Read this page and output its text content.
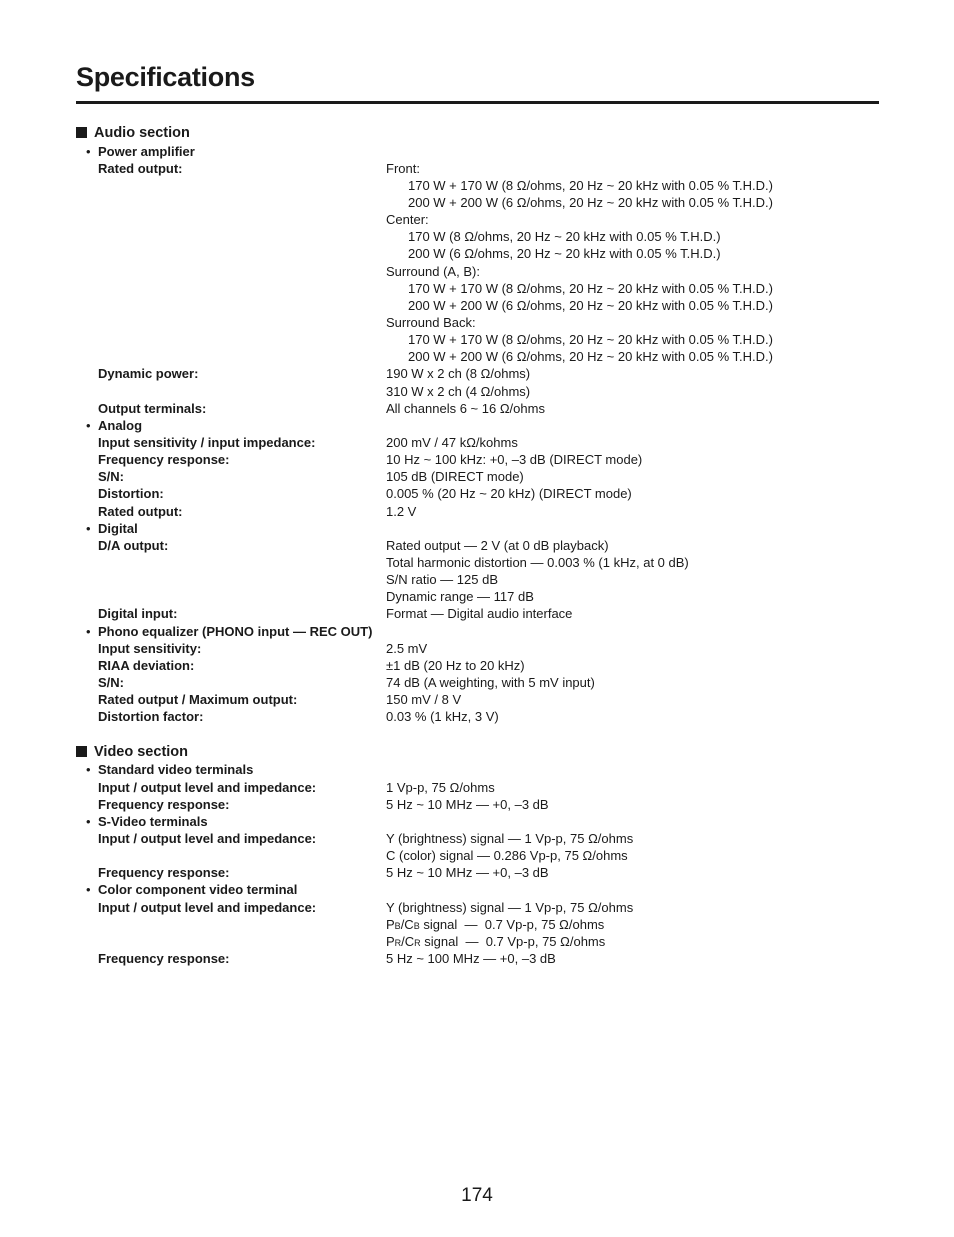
Specifications
Audio section
• Power amplifier
Rated output:	Front:
170 W + 170 W (8 Ω/ohms, 20 Hz ~ 20 kHz with 0.05 % T.H.D.)
200 W + 200 W (6 Ω/ohms, 20 Hz ~ 20 kHz with 0.05 % T.H.D.)
Center:
170 W (8 Ω/ohms, 20 Hz ~ 20 kHz with 0.05 % T.H.D.)
200 W (6 Ω/ohms, 20 Hz ~ 20 kHz with 0.05 % T.H.D.)
Surround (A, B):
170 W + 170 W (8 Ω/ohms, 20 Hz ~ 20 kHz with 0.05 % T.H.D.)
200 W + 200 W (6 Ω/ohms, 20 Hz ~ 20 kHz with 0.05 % T.H.D.)
Surround Back:
170 W + 170 W (8 Ω/ohms, 20 Hz ~ 20 kHz with 0.05 % T.H.D.)
200 W + 200 W (6 Ω/ohms, 20 Hz ~ 20 kHz with 0.05 % T.H.D.)
Dynamic power:	190 W x 2 ch (8 Ω/ohms)
310 W x 2 ch (4 Ω/ohms)
Output terminals:	All channels 6 ~ 16 Ω/ohms
• Analog
Input sensitivity / input impedance:	200 mV / 47 kΩ/kohms
Frequency response:	10 Hz ~ 100 kHz: +0, –3 dB (DIRECT mode)
S/N:	105 dB (DIRECT mode)
Distortion:	0.005 % (20 Hz ~ 20 kHz) (DIRECT mode)
Rated output:	1.2 V
• Digital
D/A output:	Rated output — 2 V (at 0 dB playback)
Total harmonic distortion — 0.003 % (1 kHz, at 0 dB)
S/N ratio — 125 dB
Dynamic range — 117 dB
Digital input:	Format — Digital audio interface
• Phono equalizer (PHONO input — REC OUT)
Input sensitivity:	2.5 mV
RIAA deviation:	±1 dB (20 Hz to 20 kHz)
S/N:	74 dB (A weighting, with 5 mV input)
Rated output / Maximum output:	150 mV / 8 V
Distortion factor:	0.03 % (1 kHz, 3 V)
Video section
• Standard video terminals
Input / output level and impedance:	1 Vp-p, 75 Ω/ohms
Frequency response:	5 Hz ~ 10 MHz — +0, –3 dB
• S-Video terminals
Input / output level and impedance:	Y (brightness) signal — 1 Vp-p, 75 Ω/ohms
C (color) signal — 0.286 Vp-p, 75 Ω/ohms
Frequency response:	5 Hz ~ 10 MHz — +0, –3 dB
• Color component video terminal
Input / output level and impedance:	Y (brightness) signal — 1 Vp-p, 75 Ω/ohms
PB/CB signal  —  0.7 Vp-p, 75 Ω/ohms
PR/CR signal  —  0.7 Vp-p, 75 Ω/ohms
Frequency response:	5 Hz ~ 100 MHz — +0, –3 dB
174
